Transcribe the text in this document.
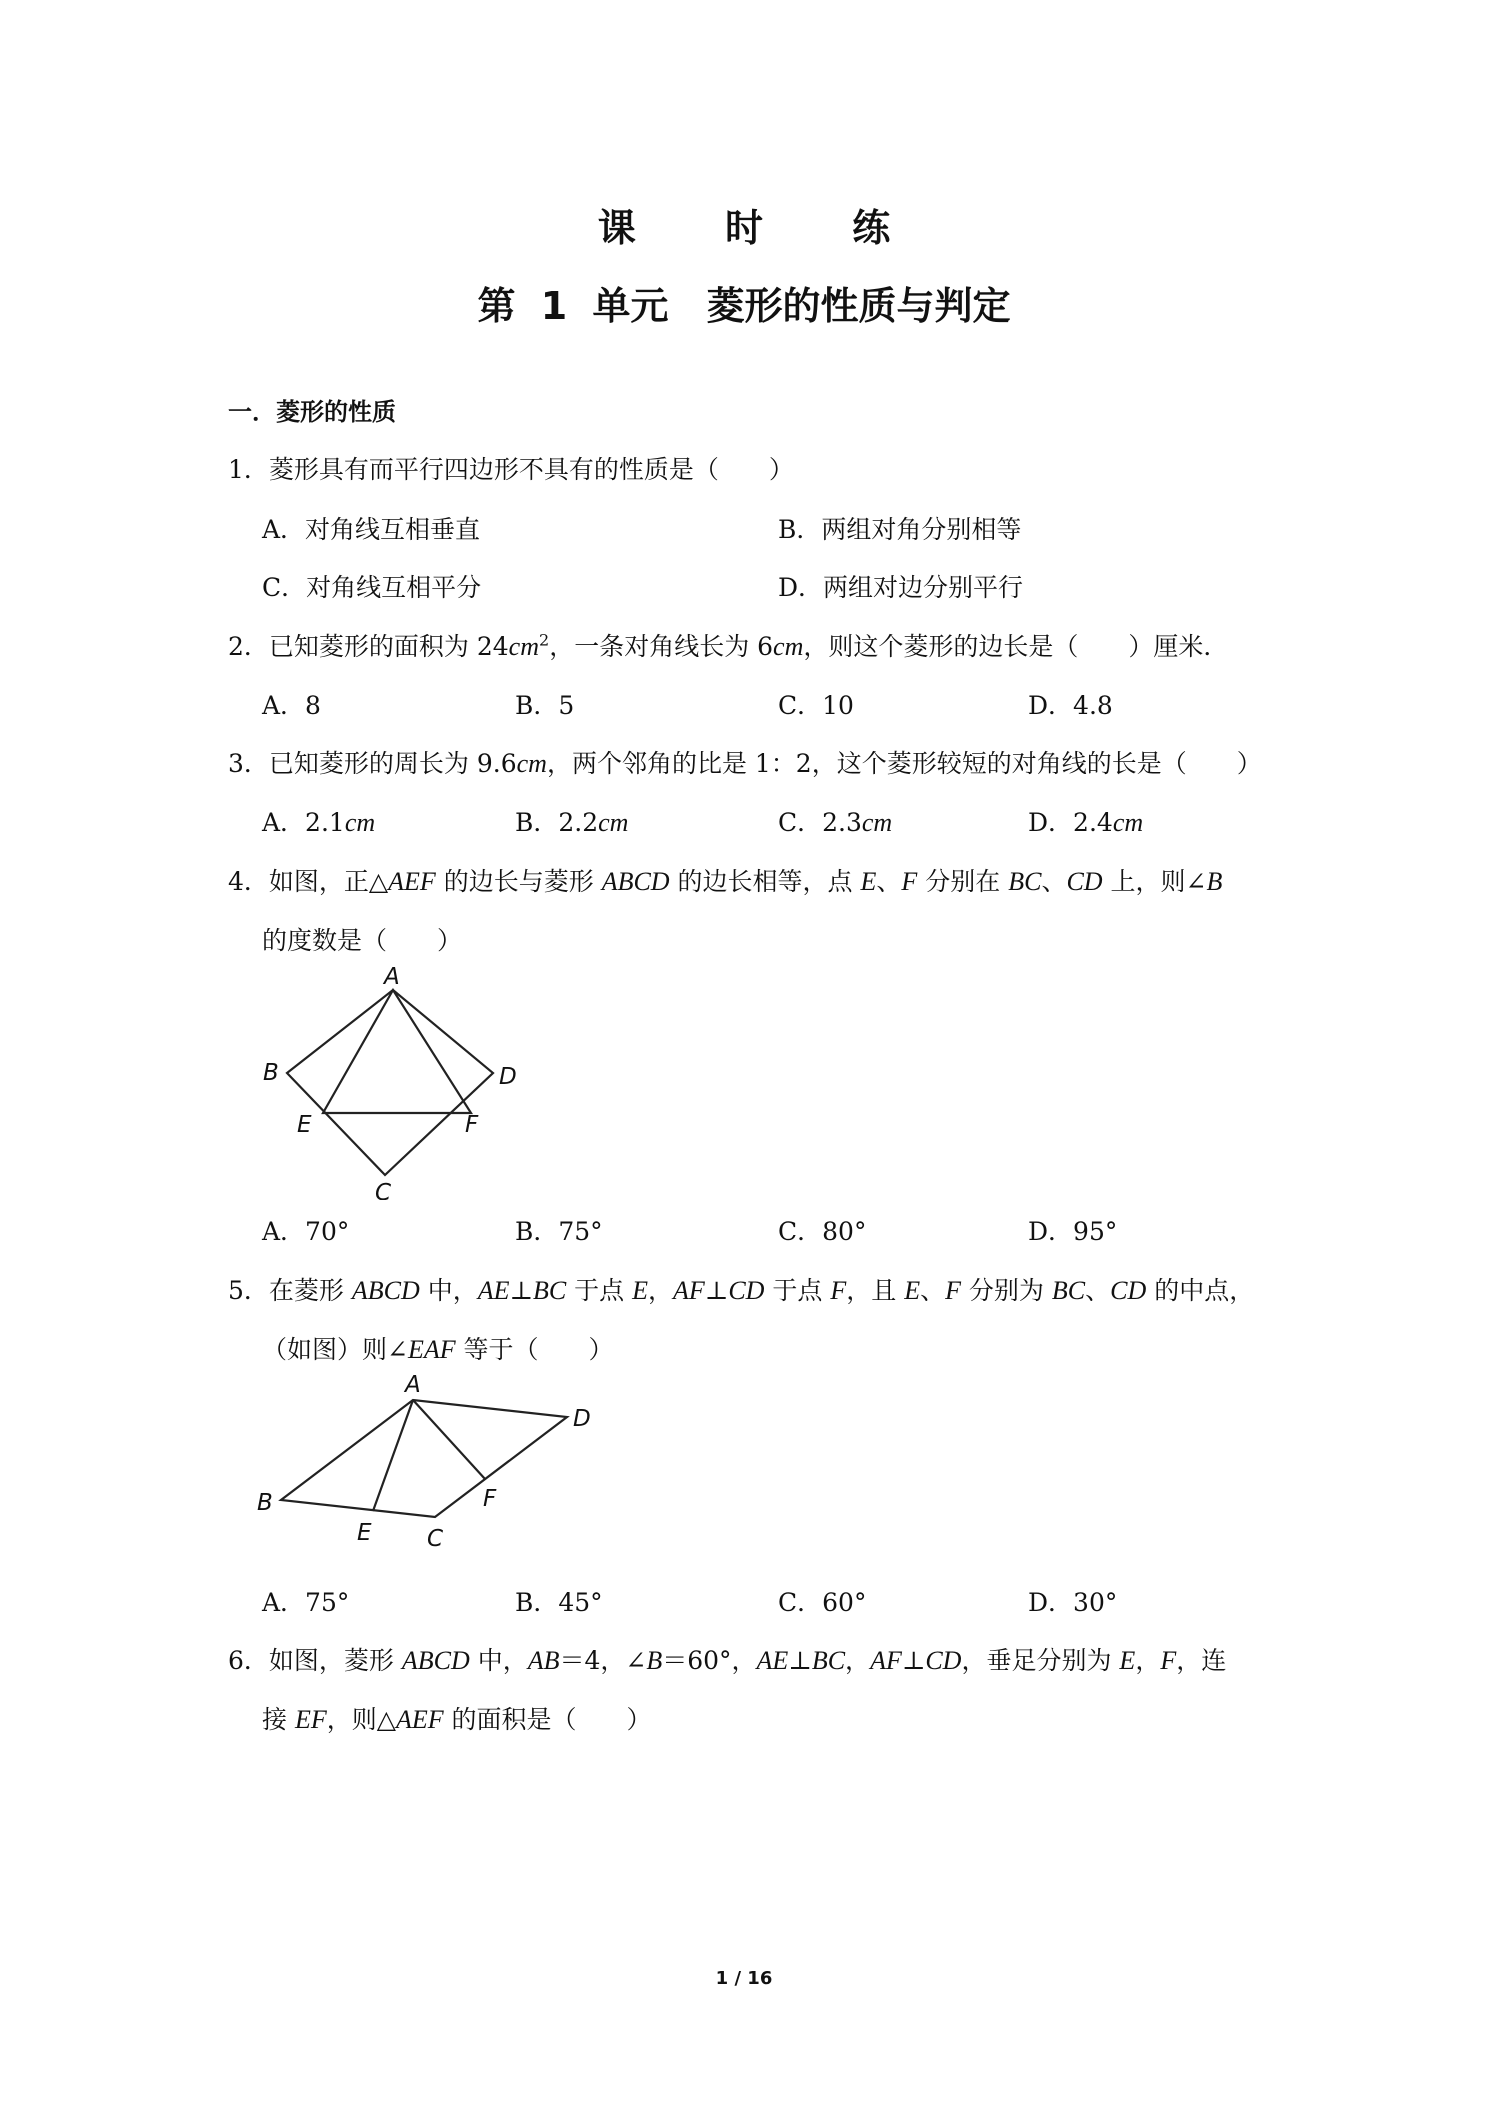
课 时 练
第 1 单元　菱形的性质与判定
一．菱形的性质
1．菱形具有而平行四边形不具有的性质是（　　）
A．对角线互相垂直	B．两组对角分别相等
C．对角线互相平分	D．两组对边分别平行
2．已知菱形的面积为 $24cm^2$，一条对角线长为 6cm，则这个菱形的边长是（　　）厘米．
A．8	B．5	C．10	D．4.8
3．已知菱形的周长为 9.6cm，两个邻角的比是 1：2，这个菱形较短的对角线的长是（　　）
A．2.1cm	B．2.2cm	C．2.3cm	D．2.4cm
4．如图，正△AEF 的边长与菱形 ABCD 的边长相等，点 E、F 分别在 BC、CD 上，则∠B
的度数是（　　）
A
B
C
D
E	F
A．70°	B．75°	C．80°	D．95°
5．在菱形 ABCD 中，AE⊥BC 于点 E，AF⊥CD 于点 F，且 E、F 分别为 BC、CD 的中点，
（如图）则∠EAF 等于（　　）
A
B
C
D
E
F
A．75°	B．45°	C．60°	D．30°
6．如图，菱形 ABCD 中，AB＝4，∠B＝60°，AE⊥BC，AF⊥CD，垂足分别为 E，F，连
接 EF，则△AEF 的面积是（　　）
1 / 16
